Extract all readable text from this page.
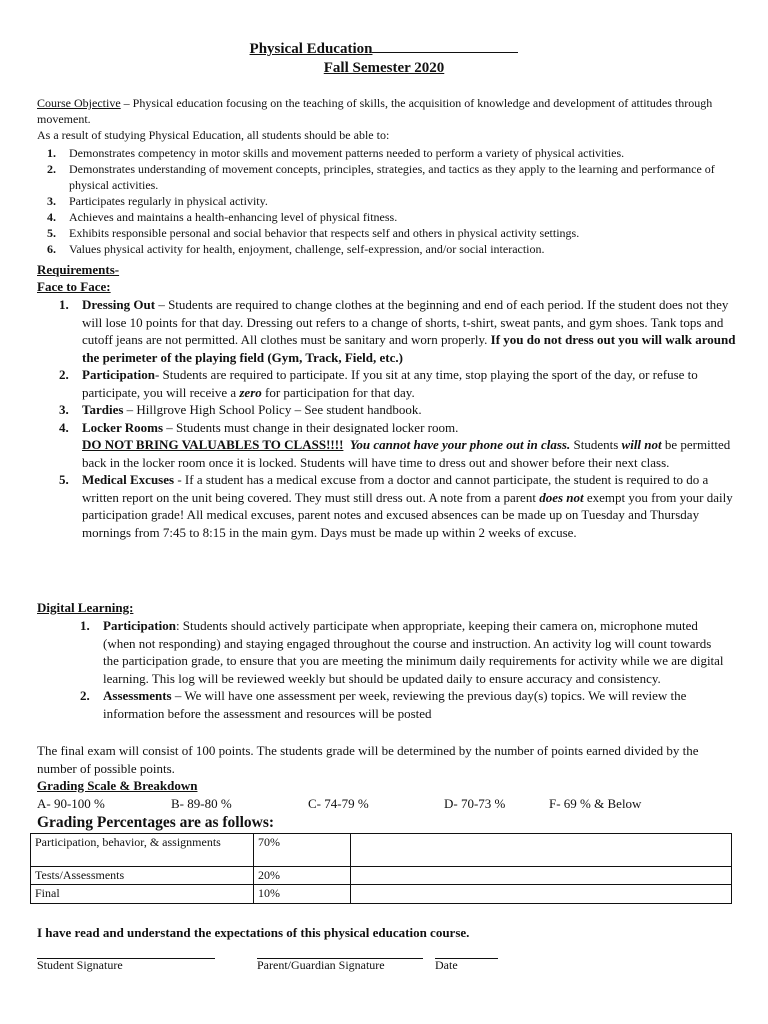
Physical Education
Fall Semester 2020
Course Objective – Physical education focusing on the teaching of skills, the acquisition of knowledge and development of attitudes through movement.
As a result of studying Physical Education, all students should be able to:
1. Demonstrates competency in motor skills and movement patterns needed to perform a variety of physical activities.
2. Demonstrates understanding of movement concepts, principles, strategies, and tactics as they apply to the learning and performance of physical activities.
3. Participates regularly in physical activity.
4. Achieves and maintains a health-enhancing level of physical fitness.
5. Exhibits responsible personal and social behavior that respects self and others in physical activity settings.
6. Values physical activity for health, enjoyment, challenge, self-expression, and/or social interaction.
Requirements-
Face to Face:
1. Dressing Out – Students are required to change clothes at the beginning and end of each period. If the student does not they will lose 10 points for that day. Dressing out refers to a change of shorts, t-shirt, sweat pants, and gym shoes. Tank tops and cutoff jeans are not permitted. All clothes must be sanitary and worn properly. If you do not dress out you will walk around the perimeter of the playing field (Gym, Track, Field, etc.)
2. Participation- Students are required to participate. If you sit at any time, stop playing the sport of the day, or refuse to participate, you will receive a zero for participation for that day.
3. Tardies – Hillgrove High School Policy – See student handbook.
4. Locker Rooms – Students must change in their designated locker room.
DO NOT BRING VALUABLES TO CLASS!!!! You cannot have your phone out in class. Students will not be permitted back in the locker room once it is locked. Students will have time to dress out and shower before their next class.
5. Medical Excuses - If a student has a medical excuse from a doctor and cannot participate, the student is required to do a written report on the unit being covered. They must still dress out. A note from a parent does not exempt you from your daily participation grade! All medical excuses, parent notes and excused absences can be made up on Tuesday and Thursday mornings from 7:45 to 8:15 in the main gym. Days must be made up within 2 weeks of excuse.
Digital Learning:
1. Participation: Students should actively participate when appropriate, keeping their camera on, microphone muted (when not responding) and staying engaged throughout the course and instruction. An activity log will count towards the participation grade, to ensure that you are meeting the minimum daily requirements for activity while we are digital learning. This log will be reviewed weekly but should be updated daily to ensure accuracy and consistency.
2. Assessments – We will have one assessment per week, reviewing the previous day(s) topics. We will review the information before the assessment and resources will be posted
The final exam will consist of 100 points. The students grade will be determined by the number of points earned divided by the number of possible points.
Grading Scale & Breakdown
A- 90-100 %	B- 89-80 %	C- 74-79 %	D- 70-73 %	F- 69 % & Below
Grading Percentages are as follows:
Participation, behavior, & assignments	70%	
Tests/Assessments	20%	
Final	10%	
I have read and understand the expectations of this physical education course.
Student Signature	Parent/Guardian Signature	Date
